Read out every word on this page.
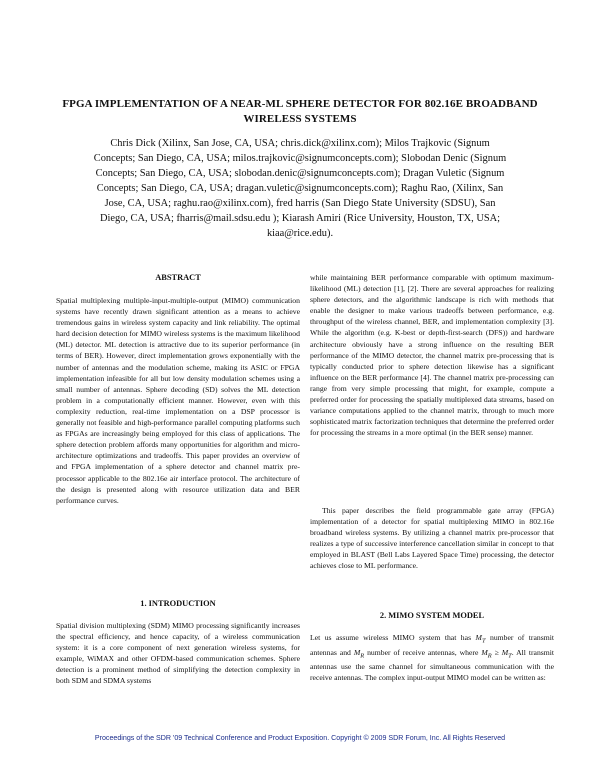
FPGA IMPLEMENTATION OF A NEAR-ML SPHERE DETECTOR FOR 802.16E BROADBAND WIRELESS SYSTEMS

Chris Dick (Xilinx, San Jose, CA, USA; chris.dick@xilinx.com); Milos Trajkovic (Signum Concepts; San Diego, CA, USA; milos.trajkovic@signumconcepts.com); Slobodan Denic (Signum Concepts; San Diego, CA, USA; slobodan.denic@signumconcepts.com); Dragan Vuletic (Signum Concepts; San Diego, CA, USA; dragan.vuletic@signumconcepts.com); Raghu Rao, (Xilinx, San Jose, CA, USA; raghu.rao@xilinx.com), fred harris (San Diego State University (SDSU), San Diego, CA, USA; fharris@mail.sdsu.edu ); Kiarash Amiri (Rice University, Houston, TX, USA; kiaa@rice.edu).

ABSTRACT

Spatial multiplexing multiple-input-multiple-output (MIMO) communication systems have recently drawn significant attention as a means to achieve tremendous gains in wireless system capacity and link reliability. The optimal hard decision detection for MIMO wireless systems is the maximum likelihood (ML) detector. ML detection is attractive due to its superior performance (in terms of BER). However, direct implementation grows exponentially with the number of antennas and the modulation scheme, making its ASIC or FPGA implementation infeasible for all but low density modulation schemes using a small number of antennas. Sphere decoding (SD) solves the ML detection problem in a computationally efficient manner. However, even with this complexity reduction, real-time implementation on a DSP processor is generally not feasible and high-performance parallel computing platforms such as FPGAs are increasingly being employed for this class of applications. The sphere detection problem affords many opportunities for algorithm and micro-architecture optimizations and tradeoffs. This paper provides an overview of and FPGA implementation of a sphere detector and channel matrix pre-processor applicable to the 802.16e air interface protocol. The architecture of the design is presented along with resource utilization data and BER performance curves.

1. INTRODUCTION

Spatial division multiplexing (SDM) MIMO processing significantly increases the spectral efficiency, and hence capacity, of a wireless communication system: it is a core component of next generation wireless systems, for example, WiMAX and other OFDM-based communication schemes. Sphere detection is a prominent method of simplifying the detection complexity in both SDM and SDMA systems

while maintaining BER performance comparable with optimum maximum-likelihood (ML) detection [1], [2]. There are several approaches for realizing sphere detectors, and the algorithmic landscape is rich with methods that enable the designer to make various tradeoffs between performance, e.g. throughput of the wireless channel, BER, and implementation complexity [3]. While the algorithm (e.g. K-best or depth-first-search (DFS)) and hardware architecture obviously have a strong influence on the resulting BER performance of the MIMO detector, the channel matrix pre-processing that is typically conducted prior to sphere detection likewise has a significant influence on the BER performance [4]. The channel matrix pre-processing can range from very simple processing that might, for example, compute a preferred order for processing the spatially multiplexed data streams, based on variance computations applied to the channel matrix, through to much more sophisticated matrix factorization techniques that determine the preferred order for processing the streams in a more optimal (in the BER sense) manner.

This paper describes the field programmable gate array (FPGA) implementation of a detector for spatial multiplexing MIMO in 802.16e broadband wireless systems. By utilizing a channel matrix pre-processor that realizes a type of successive interference cancellation similar in concept to that employed in BLAST (Bell Labs Layered Space Time) processing, the detector achieves close to ML performance.

2. MIMO SYSTEM MODEL

Let us assume wireless MIMO system that has $M_T$ number of transmit antennas and $M_R$ number of receive antennas, where $M_R \ge M_T$. All transmit antennas use the same channel for simultaneous communication with the receive antennas. The complex input-output MIMO model can be written as:

Proceedings of the SDR '09 Technical Conference and Product Exposition. Copyright © 2009 SDR Forum, Inc. All Rights Reserved
